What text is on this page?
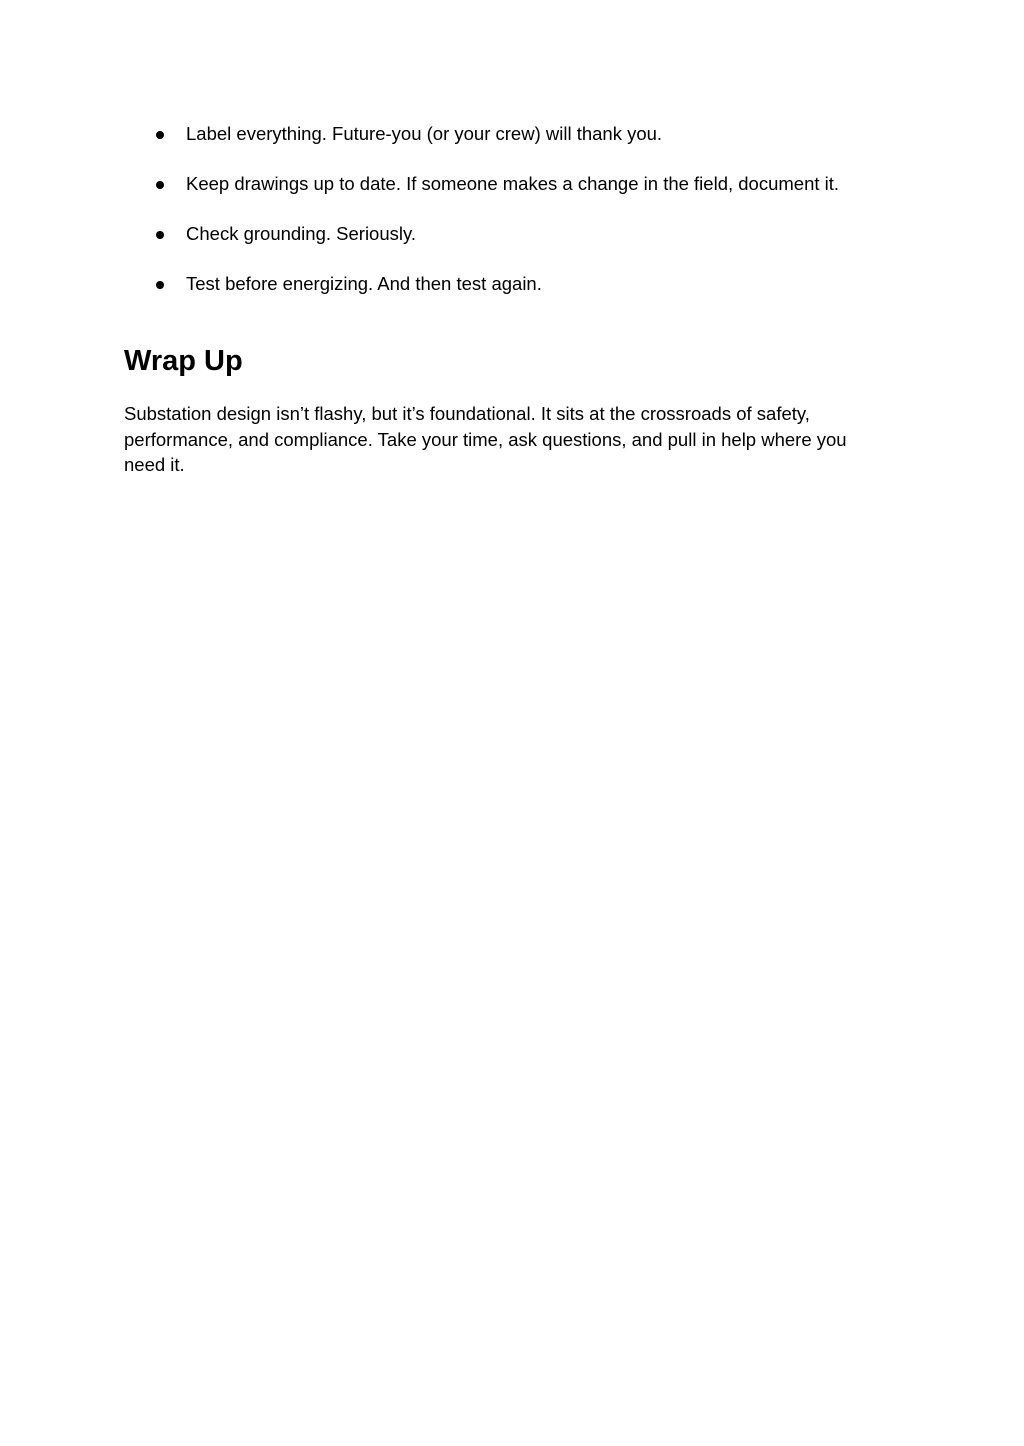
Label everything. Future-you (or your crew) will thank you.
Keep drawings up to date. If someone makes a change in the field, document it.
Check grounding. Seriously.
Test before energizing. And then test again.
Wrap Up

Substation design isn’t flashy, but it’s foundational. It sits at the crossroads of safety, performance, and compliance. Take your time, ask questions, and pull in help where you need it.
